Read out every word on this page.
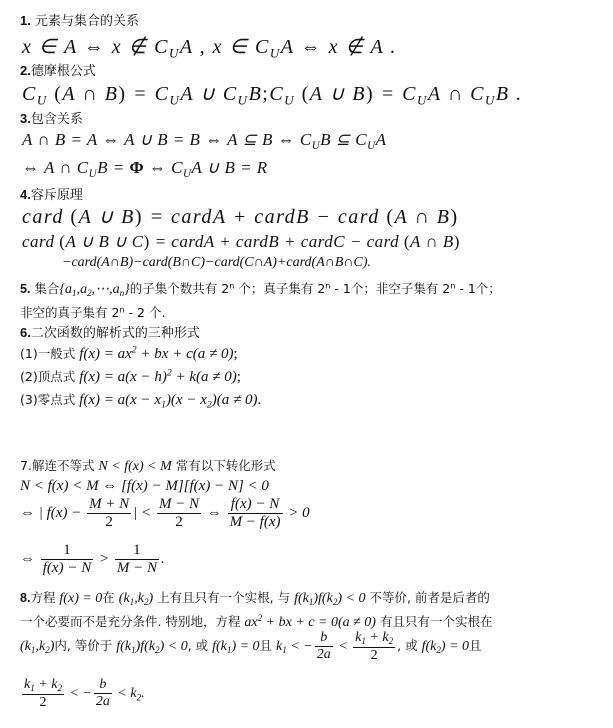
1. 元素与集合的关系
x ∈ A ⇔ x ∉ $C_UA$ , x ∈ $C_UA$ ⇔ x ∉ A .
2.德摩根公式
$C_U$ (A ∩ $B) = C_UA$ ∪ $C_UB;C_U$ (A ∪ $B) = C_UA$ ∩ $C_UB$ .
3.包含关系
A ∩ B = A ⇔ A ∪ B = B ⇔ A ⊆ B ⇔ $C_UB$ ⊆ $C_UA$
⇔ A ∩ $C_UB = \Phi$ ⇔ $C_UA$ ∪ B = R
4.容斥原理
card (A ∪ B) = cardA + cardB − card (A ∩ B)
card (A ∪ B ∪ C) = cardA + cardB + cardC − card (A ∩ B)
−card(A∩B)−card(B∩C)−card(C∩A)+card(A∩B∩C).
5. 集合$\{a_1,a_2,\cdots,a_n\}$的子集个数共有 2$^n$ 个；真子集有 2$^n$ - 1个；非空子集有 2$^n$ - 1个；
非空的真子集有 2$^n$ - 2 个.
6.二次函数的解析式的三种形式
(1)一般式 $f(x) = ax^2$ + bx + c(a ≠ 0);
(2)顶点式 $f(x) = a(x - h)^2 + k(a \ne 0)$;
(3)零点式 $f(x) = a(x - x_1)(x - x_2)(a \ne 0)$.
7.解连不等式 N < f(x) < M 常有以下转化形式
N < f(x) < M ⇔ [f(x) − M][f(x) − N] < 0
⇔ | $f(x) - \frac{M + N}{2}$ | < $\frac{M - N}{2}$ ⇔ $\frac{f(x) - N}{M - f(x)} > 0$
⇔ $\frac{1}{f(x) - N} > \frac{1}{M - N}$ .
8.方程 f(x) = 0在 $(k_1,k_2)$ 上有且只有一个实根, 与 $f(k_1)f(k_2) < 0$ 不等价, 前者是后者的
一个必要而不是充分条件. 特别地，方程 $ax^2$ + bx + c = 0(a ≠ 0) 有且只有一个实根在
$(k_1,k_2)$内, 等价于 $f(k_1)f(k_2) < 0$, 或 $f(k_1) = 0$且 $k_1$ < − $\frac{b}{2a} < \frac{k_1 + k_2}{2}$ , 或 $f(k_2) = 0$且
$\frac{k_1 + k_2}{2}$ < − $\frac{b}{2a} < k_2$.
